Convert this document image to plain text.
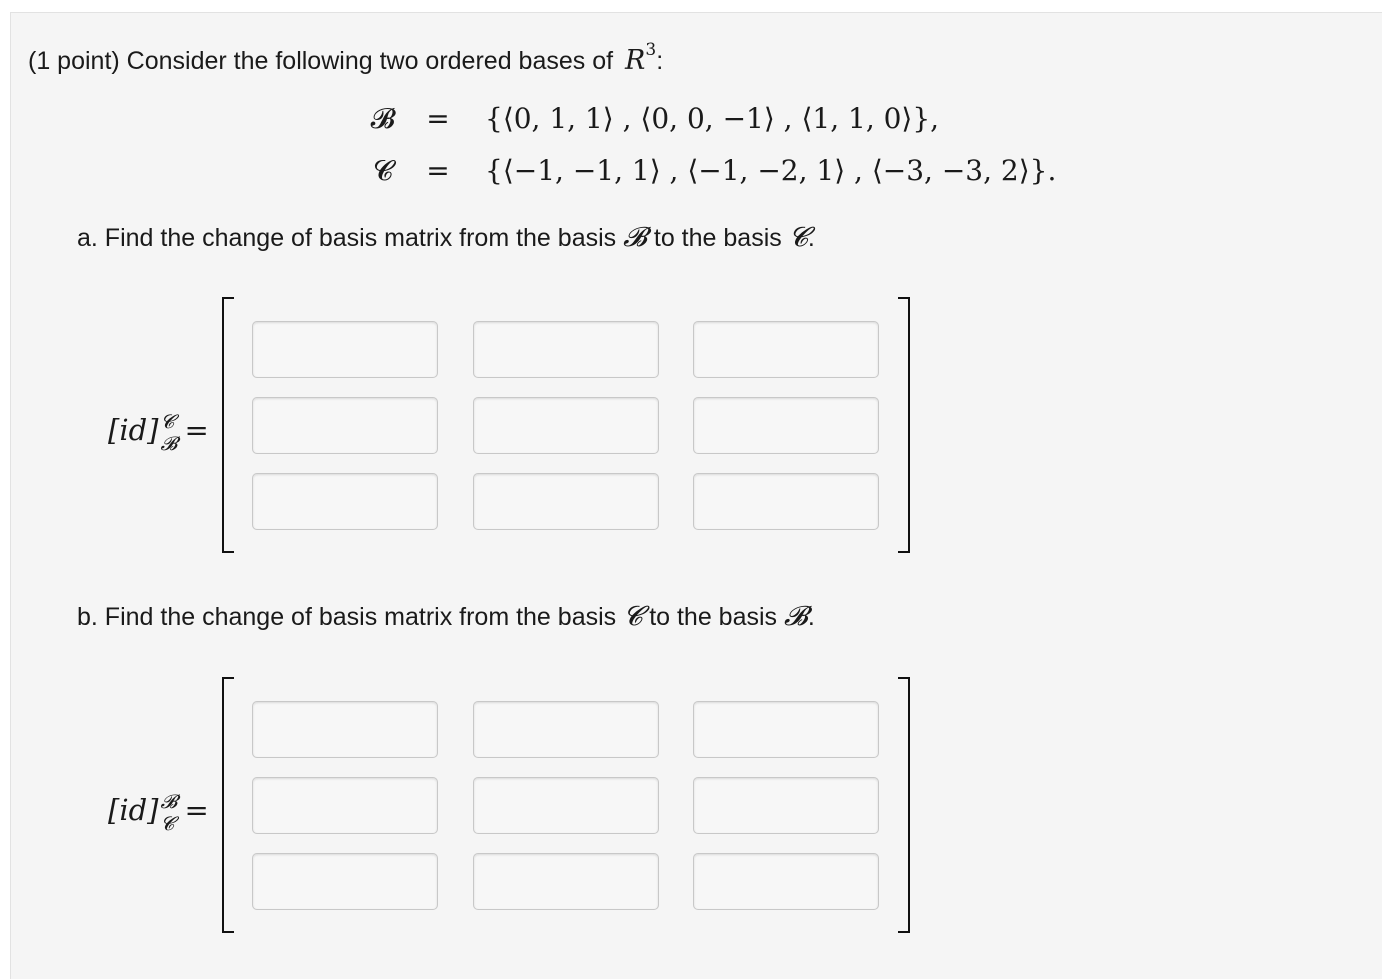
(1 point) Consider the following two ordered bases of $R^3$:
𝓑 = {⟨0, 1, 1⟩ , ⟨0, 0, −1⟩ , ⟨1, 1, 0⟩},
𝓒	= {⟨−1, −1, 1⟩ , ⟨−1, −2, 1⟩ , ⟨−3, −3, 2⟩}.
a. Find the change of basis matrix from the basis 𝓑 to the basis 𝓒.
[id] 𝓒
𝓑 =
b. Find the change of basis matrix from the basis 𝓒 to the basis 𝓑.
[id] 𝓑
𝓒 =
